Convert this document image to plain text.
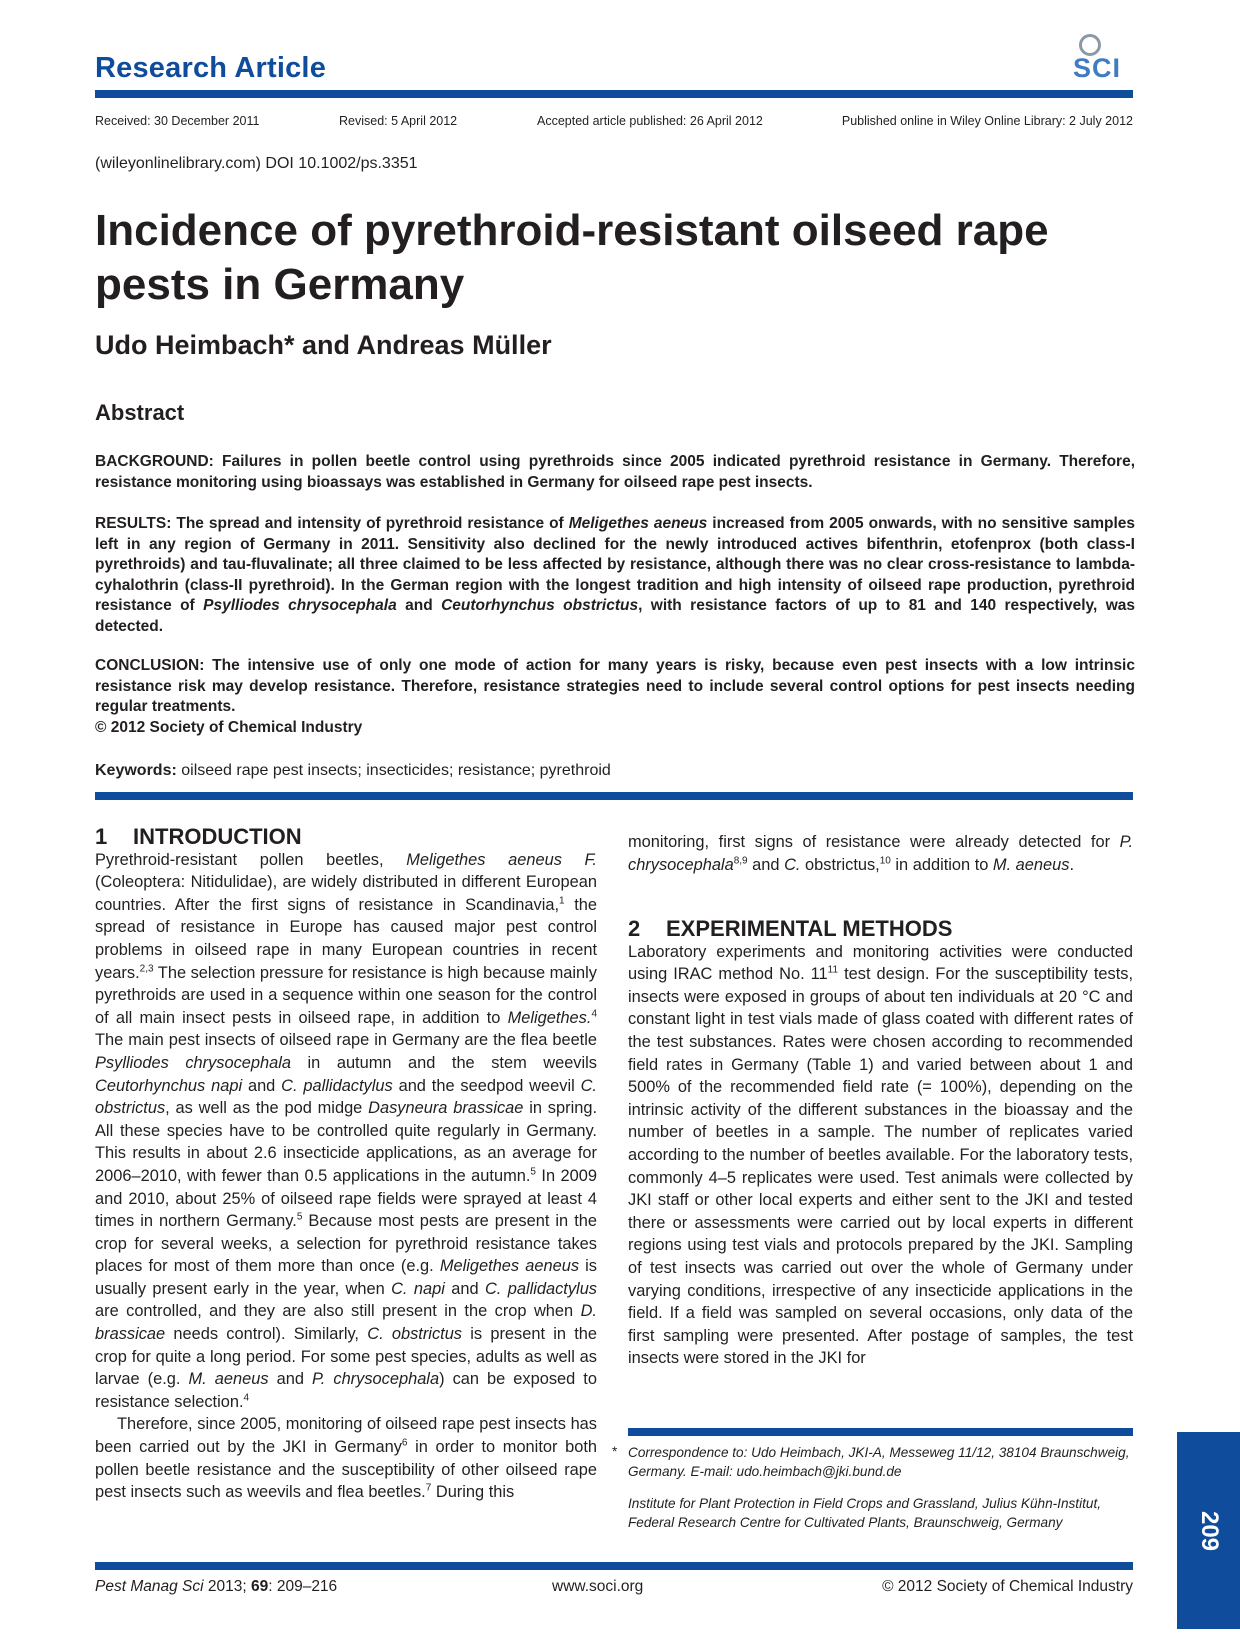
Research Article	SCI
Received: 30 December 2011	Revised: 5 April 2012	Accepted article published: 26 April 2012	Published online in Wiley Online Library: 2 July 2012
(wileyonlinelibrary.com) DOI 10.1002/ps.3351
Incidence of pyrethroid-resistant oilseed rape
pests in Germany
Udo Heimbach* and Andreas Müller
Abstract
BACKGROUND: Failures in pollen beetle control using pyrethroids since 2005 indicated pyrethroid resistance in Germany. Therefore, resistance monitoring using bioassays was established in Germany for oilseed rape pest insects.
RESULTS: The spread and intensity of pyrethroid resistance of Meligethes aeneus increased from 2005 onwards, with no sensitive samples left in any region of Germany in 2011. Sensitivity also declined for the newly introduced actives bifenthrin, etofenprox (both class-I pyrethroids) and tau-fluvalinate; all three claimed to be less affected by resistance, although there was no clear cross-resistance to lambda-cyhalothrin (class-II pyrethroid). In the German region with the longest tradition and high intensity of oilseed rape production, pyrethroid resistance of Psylliodes chrysocephala and Ceutorhynchus obstrictus, with resistance factors of up to 81 and 140 respectively, was detected.
CONCLUSION: The intensive use of only one mode of action for many years is risky, because even pest insects with a low intrinsic resistance risk may develop resistance. Therefore, resistance strategies need to include several control options for pest insects needing regular treatments.
© 2012 Society of Chemical Industry
Keywords: oilseed rape pest insects; insecticides; resistance; pyrethroid
1 INTRODUCTION

Pyrethroid-resistant pollen beetles, Meligethes aeneus F. (Coleoptera: Nitidulidae), are widely distributed in different European countries. After the first signs of resistance in Scandinavia,$^1$ the spread of resistance in Europe has caused major pest control problems in oilseed rape in many European countries in recent years.$^{2,3}$ The selection pressure for resistance is high because mainly pyrethroids are used in a sequence within one season for the control of all main insect pests in oilseed rape, in addition to Meligethes.$^4$ The main pest insects of oilseed rape in Germany are the flea beetle Psylliodes chrysocephala in autumn and the stem weevils Ceutorhynchus napi and C. pallidactylus and the seedpod weevil C. obstrictus, as well as the pod midge Dasyneura brassicae in spring. All these species have to be controlled quite regularly in Germany. This results in about 2.6 insecticide applications, as an average for 2006–2010, with fewer than 0.5 applications in the autumn.$^5$ In 2009 and 2010, about 25% of oilseed rape fields were sprayed at least 4 times in northern Germany.$^5$ Because most pests are present in the crop for several weeks, a selection for pyrethroid resistance takes places for most of them more than once (e.g. Meligethes aeneus is usually present early in the year, when C. napi and C. pallidactylus are controlled, and they are also still present in the crop when D. brassicae needs control). Similarly, C. obstrictus is present in the crop for quite a long period. For some pest species, adults as well as larvae (e.g. M. aeneus and P. chrysocephala) can be exposed to resistance selection.$^4$

Therefore, since 2005, monitoring of oilseed rape pest insects has been carried out by the JKI in Germany$^6$ in order to monitor both pollen beetle resistance and the susceptibility of other oilseed rape pest insects such as weevils and flea beetles.$^7$ During this

monitoring, first signs of resistance were already detected for P. chrysocephala$^{8,9}$ and C. obstrictus,$^{10}$ in addition to M. aeneus.

2 EXPERIMENTAL METHODS

Laboratory experiments and monitoring activities were conducted using IRAC method No. $11^{11}$ test design. For the susceptibility tests, insects were exposed in groups of about ten individuals at 20 °C and constant light in test vials made of glass coated with different rates of the test substances. Rates were chosen according to recommended field rates in Germany (Table 1) and varied between about 1 and 500% of the recommended field rate (= 100%), depending on the intrinsic activity of the different substances in the bioassay and the number of beetles in a sample. The number of replicates varied according to the number of beetles available. For the laboratory tests, commonly 4–5 replicates were used. Test animals were collected by JKI staff or other local experts and either sent to the JKI and tested there or assessments were carried out by local experts in different regions using test vials and protocols prepared by the JKI. Sampling of test insects was carried out over the whole of Germany under varying conditions, irrespective of any insecticide applications in the field. If a field was sampled on several occasions, only data of the first sampling were presented. After postage of samples, the test insects were stored in the JKI for

* Correspondence to: Udo Heimbach, JKI-A, Messeweg 11/12, 38104 Braunschweig, Germany. E-mail: udo.heimbach@jki.bund.de
Institute for Plant Protection in Field Crops and Grassland, Julius Kühn-Institut, Federal Research Centre for Cultivated Plants, Braunschweig, Germany	209
Pest Manag Sci 2013; 69: 209–216	www.soci.org	© 2012 Society of Chemical Industry
